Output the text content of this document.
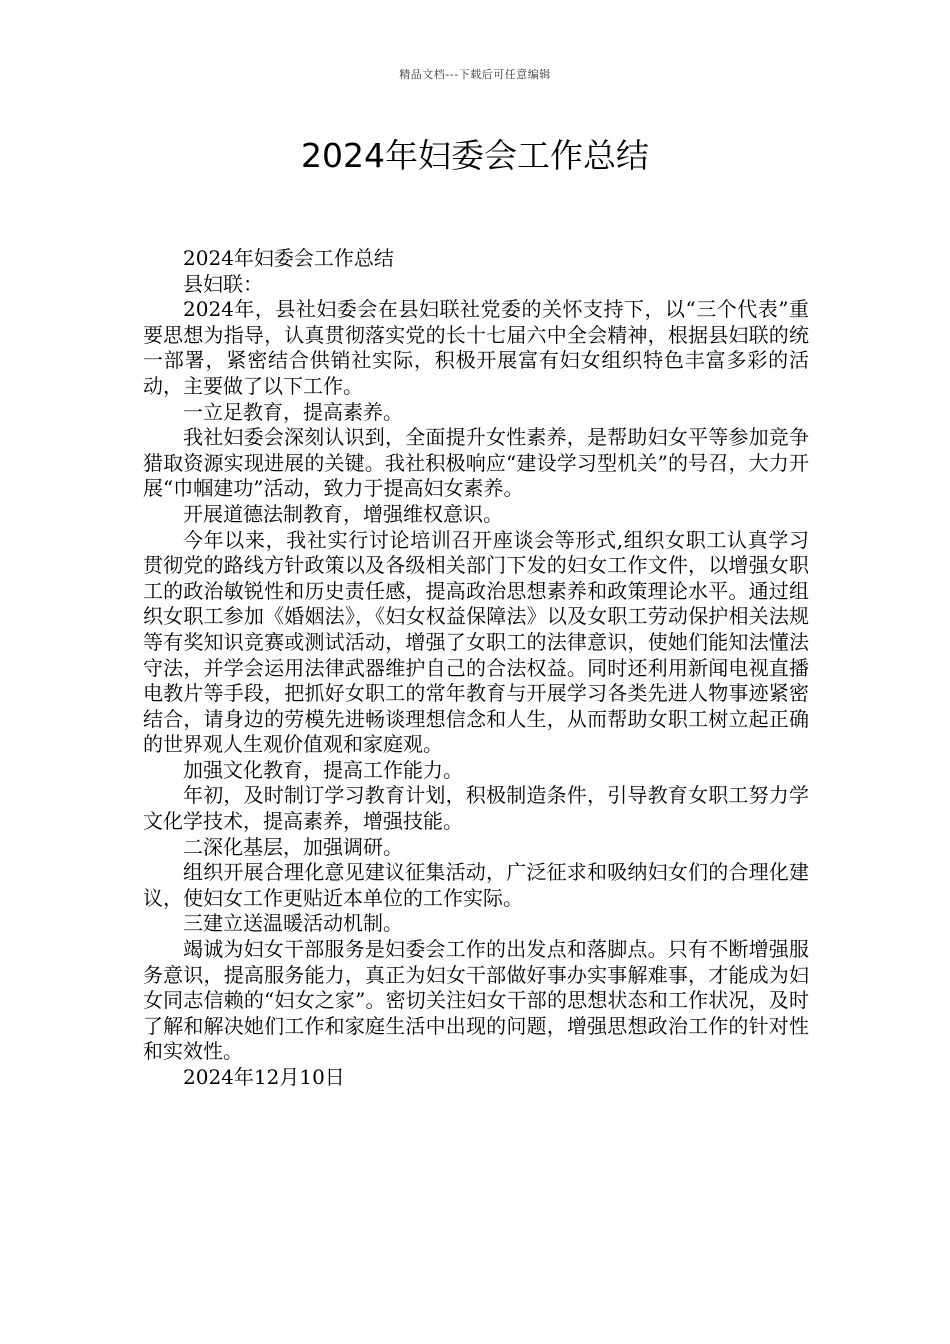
精品文档---下载后可任意编辑
2024年妇委会工作总结

2024年妇委会工作总结

县妇联：

2024年，县社妇委会在县妇联社党委的关怀支持下，以“三个代表”重要思想为指导，认真贯彻落实党的长十七届六中全会精神，根据县妇联的统一部署，紧密结合供销社实际，积极开展富有妇女组织特色丰富多彩的活动，主要做了以下工作。

一立足教育，提高素养。

我社妇委会深刻认识到，全面提升女性素养，是帮助妇女平等参加竞争猎取资源实现进展的关键。我社积极响应“建设学习型机关”的号召，大力开展“巾帼建功”活动，致力于提高妇女素养。

开展道德法制教育，增强维权意识。

今年以来，我社实行讨论培训召开座谈会等形式,组织女职工认真学习贯彻党的路线方针政策以及各级相关部门下发的妇女工作文件，以增强女职工的政治敏锐性和历史责任感，提高政治思想素养和政策理论水平。通过组织女职工参加《婚姻法》，《妇女权益保障法》以及女职工劳动保护相关法规等有奖知识竞赛或测试活动，增强了女职工的法律意识，使她们能知法懂法守法，并学会运用法律武器维护自己的合法权益。同时还利用新闻电视直播电教片等手段，把抓好女职工的常年教育与开展学习各类先进人物事迹紧密结合，请身边的劳模先进畅谈理想信念和人生，从而帮助女职工树立起正确的世界观人生观价值观和家庭观。

加强文化教育，提高工作能力。

年初，及时制订学习教育计划，积极制造条件，引导教育女职工努力学文化学技术，提高素养，增强技能。

二深化基层，加强调研。

组织开展合理化意见建议征集活动，广泛征求和吸纳妇女们的合理化建议，使妇女工作更贴近本单位的工作实际。

三建立送温暖活动机制。

竭诚为妇女干部服务是妇委会工作的出发点和落脚点。只有不断增强服务意识，提高服务能力，真正为妇女干部做好事办实事解难事，才能成为妇女同志信赖的“妇女之家”。密切关注妇女干部的思想状态和工作状况，及时了解和解决她们工作和家庭生活中出现的问题，增强思想政治工作的针对性和实效性。

2024年12月10日
